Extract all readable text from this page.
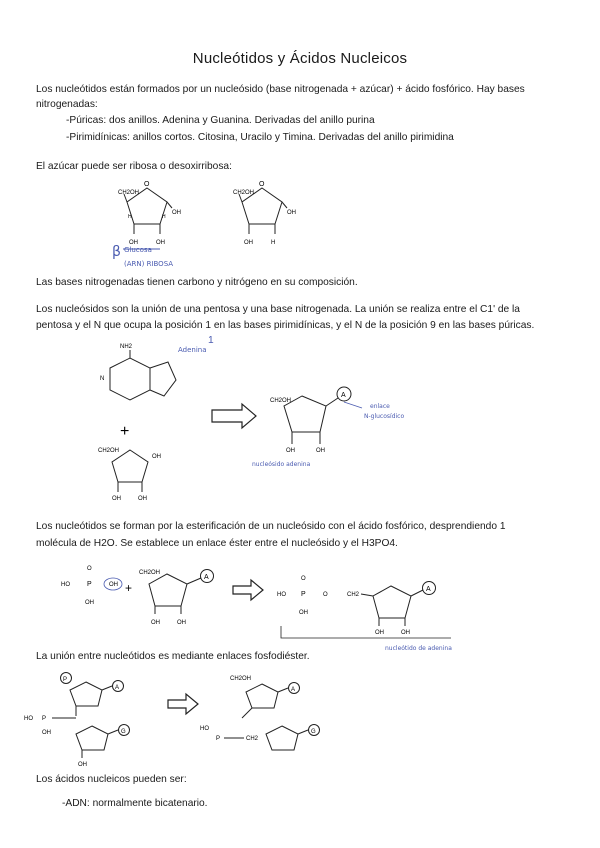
Nucleótidos y Ácidos Nucleicos
Los nucleótidos están formados por un nucleósido (base nitrogenada + azúcar) + ácido fosfórico. Hay bases
nitrogenadas:
-Púricas: dos anillos. Adenina y Guanina. Derivadas del anillo purina
-Pirimidínicas: anillos cortos. Citosina, Uracilo y Timina. Derivadas del anillo pirimidina
El azúcar puede ser ribosa o desoxirribosa:
CH2OH
O
OH
OH	OH
H	H
β Glucosa
(ARN) RIBOSA
CH2OH
O
OH
OH	H
Las bases nitrogenadas tienen carbono y nitrógeno en su composición.
Los nucleósidos son la unión de una pentosa y una base nitrogenada. La unión se realiza entre el C1' de la
pentosa y el N que ocupa la posición 1 en las bases pirimidínicas, y el N de la posición 9 en las bases púricas.
1
NH2
N
Adenina
+
CH2OH
OH
OH	OH
A
CH2OH
OH	OH
enlace
N-glucosídico
nucleósido adenina
Los nucleótidos se forman por la esterificación de un nucleósido con el ácido fosfórico, desprendiendo 1
molécula de H2O. Se establece un enlace éster entre el nucleósido y el H3PO4.
HO P
O
OH
OH +
A
CH2OH
OH	OH
HO P
O
OH
O	CH2
A
OH	OH
nucleótido de adenina
La unión entre nucleótidos es mediante enlaces fosfodiéster.
P
A
HO P
OH	G
OH
CH2OH
A
HO
P	CH2
G
Los ácidos nucleicos pueden ser:
-ADN: normalmente bicatenario.
